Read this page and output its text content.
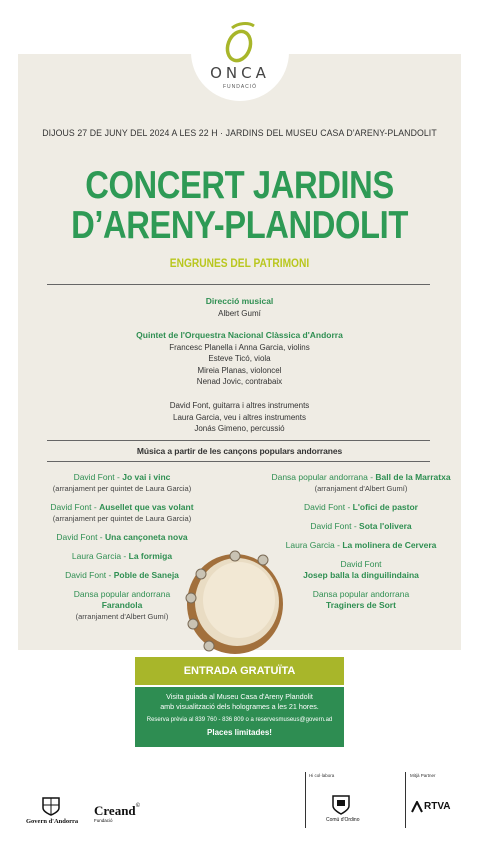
ONCA
FUNDACIÓ
DIJOUS 27 DE JUNY DEL 2024 A LES 22 H · JARDINS DEL MUSEU CASA D'ARENY-PLANDOLIT
CONCERT JARDINS
D’ARENY-PLANDOLIT
ENGRUNES DEL PATRIMONI
Direcció musical
Albert Gumí
Quintet de l'Orquestra Nacional Clàssica d'Andorra
Francesc Planella i Anna Garcia, violins
Esteve Ticó, viola
Mireia Planas, violoncel
Nenad Jovic, contrabaix
David Font, guitarra i altres instruments
Laura Garcia, veu i altres instruments
Jonás Gimeno, percussió
Música a partir de les cançons populars andorranes
David Font - Jo vai i vinc
(arranjament per quintet de Laura Garcia)
David Font - Ausellet que vas volant
(arranjament per quintet de Laura Garcia)
David Font - Una cançoneta nova
Laura Garcia - La formiga
David Font - Poble de Saneja
Dansa popular andorrana
Farandola
(arranjament d'Albert Gumí)
Dansa popular andorrana - Ball de la Marratxa
(arranjament d'Albert Gumí)
David Font - L'ofici de pastor
David Font - Sota l'olivera
Laura Garcia - La molinera de Cervera
David Font
Josep balla la dinguilindaina
Dansa popular andorrana
Traginers de Sort
ENTRADA GRATUÏTA
Visita guiada al Museu Casa d'Areny Plandolit
amb visualització dels hologrames a les 21 hores.
Reserva prèvia al 839 760 - 836 809 o a reservesmuseus@govern.ad
Places limitades!
Govern d'Andorra
Creand©
Fundació
Hi col·labora
Comú d'Ordino
Mitjà Partner
RTVA
